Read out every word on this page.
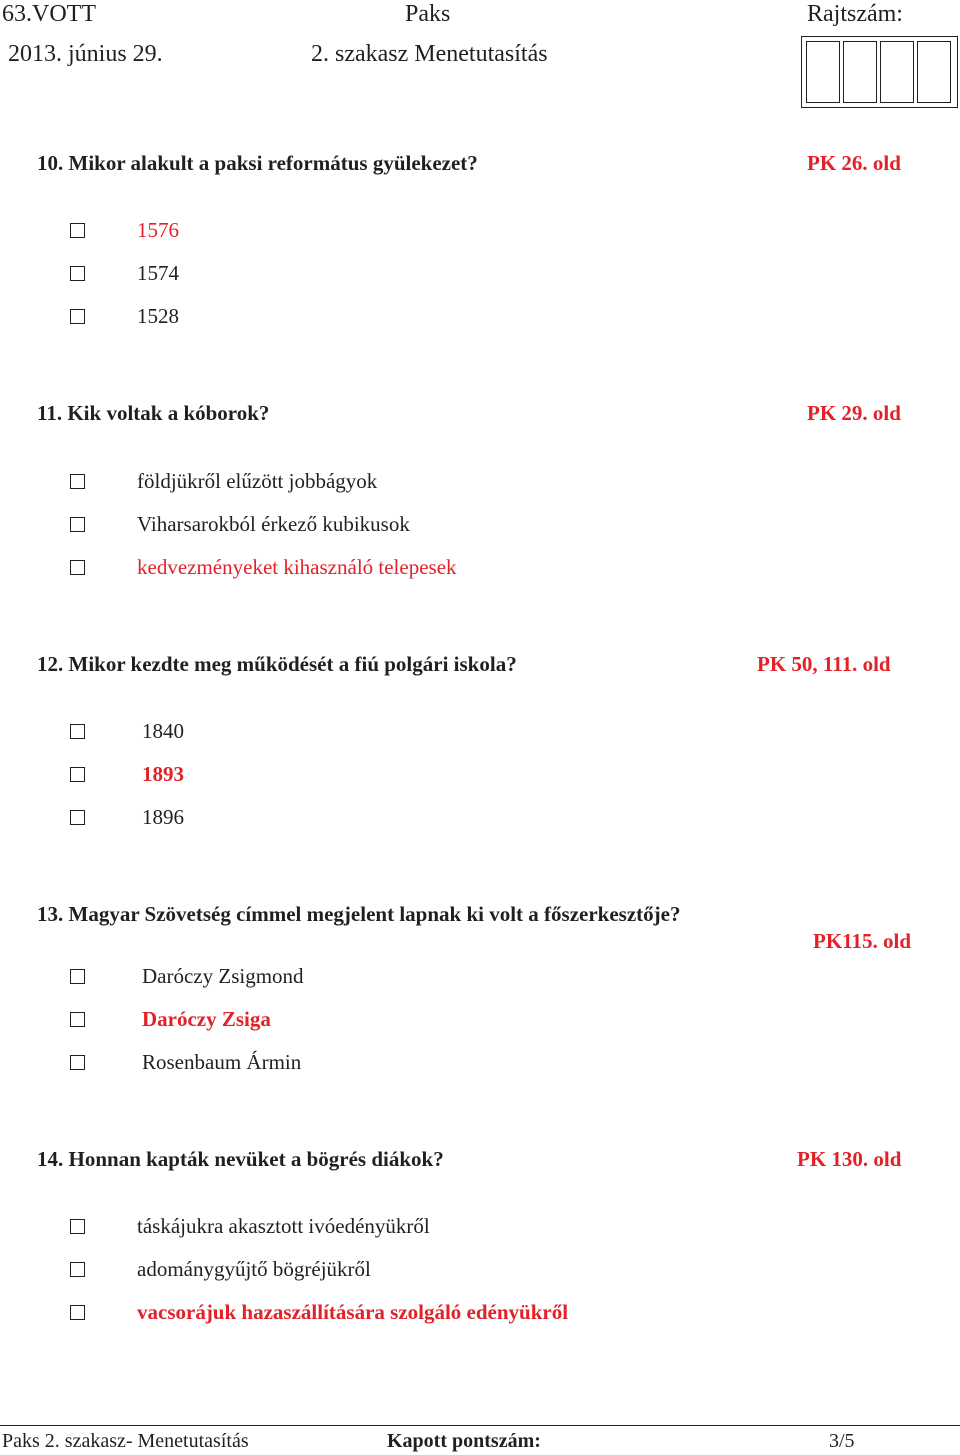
63.VOTT	Paks	Rajtszám:
2013. június 29.	2. szakasz Menetutasítás
10. Mikor alakult a paksi református gyülekezet?	PK 26. old
1576
1574
1528
11. Kik voltak a kóborok?	PK 29. old
földjükről elűzött jobbágyok
Viharsarokból érkező kubikusok
kedvezményeket kihasználó telepesek
12. Mikor kezdte meg működését a fiú polgári iskola?	PK 50, 111. old
1840
1893
1896
13. Magyar Szövetség címmel megjelent lapnak ki volt a főszerkesztője?
PK115. old
Daróczy Zsigmond
Daróczy Zsiga
Rosenbaum Ármin
14. Honnan kapták nevüket a bögrés diákok?	PK 130. old
táskájukra akasztott ivóedényükről
adománygyűjtő bögréjükről
vacsorájuk hazaszállítására szolgáló edényükről
Paks 2. szakasz- Menetutasítás	Kapott pontszám:	3/5
